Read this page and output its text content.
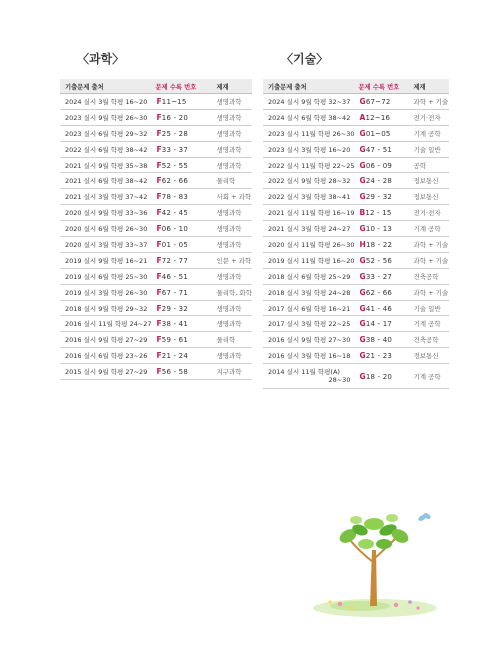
〈과학〉	〈기술〉
기출문제 출처	문제 수록 번호	제재
2024 실시 3월 학평 16~20	F11~15	생명과학
2023 실시 9월 학평 26~30	F16 - 20	생명과학
2023 실시 6월 학평 29~32	F25 - 28	생명과학
2022 실시 6월 학평 38~42	F33 - 37	생명과학
2021 실시 9월 학평 35~38	F52 - 55	생명과학
2021 실시 6월 학평 38~42	F62 - 66	물리학
2021 실시 3월 학평 37~42	F78 - 83	사회 + 과학
2020 실시 9월 학평 33~36	F42 - 45	생명과학
2020 실시 6월 학평 26~30	F06 - 10	생명과학
2020 실시 3월 학평 33~37	F01 - 05	생명과학
2019 실시 9월 학평 16~21	F72 - 77	인문 + 과학
2019 실시 6월 학평 25~30	F46 - 51	생명과학
2019 실시 3월 학평 26~30	F67 - 71	물리학, 화학
2018 실시 9월 학평 29~32	F29 - 32	생명과학
2016 실시 11월 학평 24~27	F38 - 41	생명과학
2016 실시 9월 학평 27~29	F59 - 61	물리학
2016 실시 6월 학평 23~26	F21 - 24	생명과학
2015 실시 9월 학평 27~29	F56 - 58	지구과학
기출문제 출처	문제 수록 번호	제재
2024 실시 9월 학평 32~37	G67~72	과학 + 기술
2024 실시 6월 학평 38~42	A12~16	전기·전자
2023 실시 11월 학평 26~30	G01~05	기계 공학
2023 실시 3월 학평 16~20	G47 - 51	기술 일반
2022 실시 11월 학평 22~25	G06 - 09	공학
2022 실시 9월 학평 28~32	G24 - 28	정보통신
2022 실시 3월 학평 38~41	G29 - 32	정보통신
2021 실시 11월 학평 16~19	B12 - 15	전기·전자
2021 실시 3월 학평 24~27	G10 - 13	기계 공학
2020 실시 11월 학평 26~30	H18 - 22	과학 + 기술
2019 실시 11월 학평 16~20	G52 - 56	과학 + 기술
2018 실시 6월 학평 25~29	G33 - 27	건축공학
2018 실시 3월 학평 24~28	G62 - 66	과학 + 기술
2017 실시 6월 학평 16~21	G41 - 46	기술 일반
2017 실시 3월 학평 22~25	G14 - 17	기계 공학
2016 실시 9월 학평 27~30	G38 - 40	건축공학
2016 실시 3월 학평 16~18	G21 - 23	정보통신

2014 실시 11월 학평(A)
28~30	G18 - 20	기계 공학
